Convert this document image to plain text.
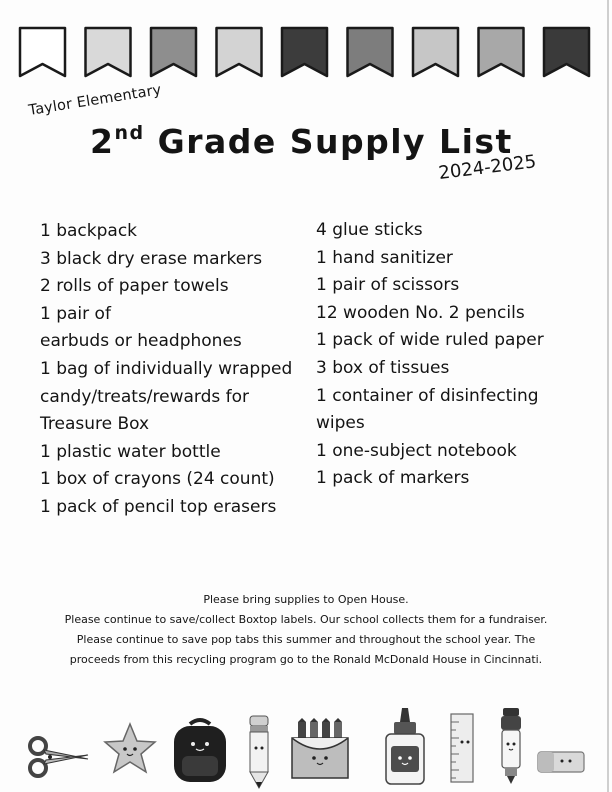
Taylor Elementary
2nd Grade Supply List
2024-2025
1 backpack
3 black dry erase markers
2 rolls of paper towels
1 pair of
earbuds or headphones
1 bag of individually wrapped
candy/treats/rewards for
Treasure Box
1 plastic water bottle
1 box of crayons (24 count)
1 pack of pencil top erasers
4 glue sticks
1 hand sanitizer
1 pair of scissors
12 wooden No. 2 pencils
1 pack of wide ruled paper
3 box of tissues
1 container of disinfecting
wipes
1 one-subject notebook
1 pack of markers
Please bring supplies to Open House.
Please continue to save/collect Boxtop labels. Our school collects them for a fundraiser.
Please continue to save pop tabs this summer and throughout the school year. The
proceeds from this recycling program go to the Ronald McDonald House in Cincinnati.
